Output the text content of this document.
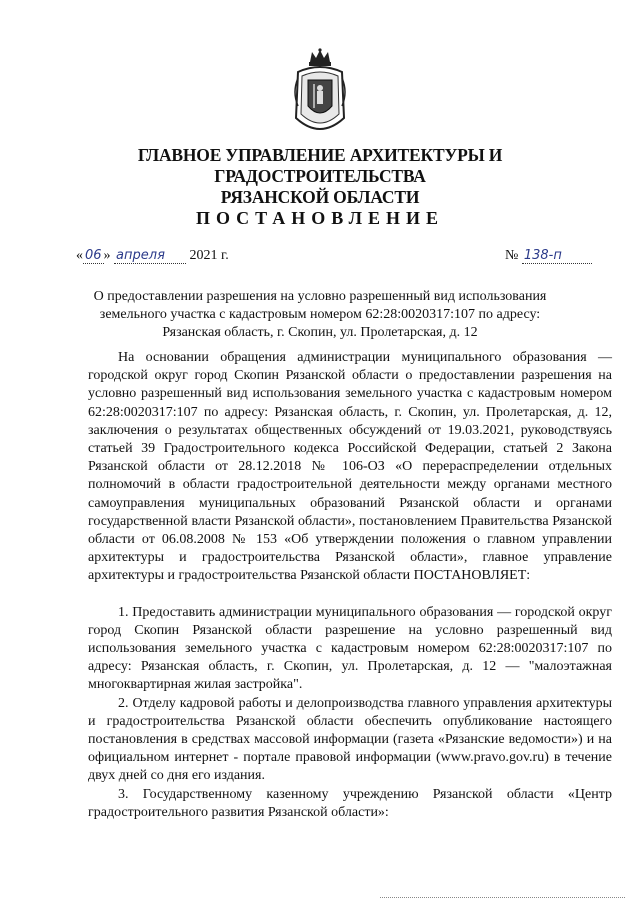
ГЛАВНОЕ УПРАВЛЕНИЕ АРХИТЕКТУРЫ И ГРАДОСТРОИТЕЛЬСТВА
РЯЗАНСКОЙ ОБЛАСТИ
ПОСТАНОВЛЕНИЕ
« 06 » апреля 2021 г.	№ 138-п
О предоставлении разрешения на условно разрешенный вид использования
земельного участка с кадастровым номером 62:28:0020317:107 по адресу:
Рязанская область, г. Скопин, ул. Пролетарская, д. 12

На основании обращения администрации муниципального образования — городской округ город Скопин Рязанской области о предоставлении разрешения на условно разрешенный вид использования земельного участка с кадастровым номером 62:28:0020317:107 по адресу: Рязанская область, г. Скопин, ул. Пролетарская, д. 12, заключения о результатах общественных обсуждений от 19.03.2021, руководствуясь статьей 39 Градостроительного кодекса Российской Федерации, статьей 2 Закона Рязанской области от 28.12.2018 № 106-ОЗ «О перераспределении отдельных полномочий в области градостроительной деятельности между органами местного самоуправления муниципальных образований Рязанской области и органами государственной власти Рязанской области», постановлением Правительства Рязанской области от 06.08.2008 № 153 «Об утверждении положения о главном управлении архитектуры и градостроительства Рязанской области», главное управление архитектуры и градостроительства Рязанской области ПОСТАНОВЛЯЕТ:

1. Предоставить администрации муниципального образования — городской округ город Скопин Рязанской области разрешение на условно разрешенный вид использования земельного участка с кадастровым номером 62:28:0020317:107 по адресу: Рязанская область, г. Скопин, ул. Пролетарская, д. 12 — "малоэтажная многоквартирная жилая застройка".

2. Отделу кадровой работы и делопроизводства главного управления архитектуры и градостроительства Рязанской области обеспечить опубликование настоящего постановления в средствах массовой информации (газета «Рязанские ведомости») и на официальном интернет - портале правовой информации (www.pravo.gov.ru) в течение двух дней со дня его издания.

3. Государственному казенному учреждению Рязанской области «Центр градостроительного развития Рязанской области»:
